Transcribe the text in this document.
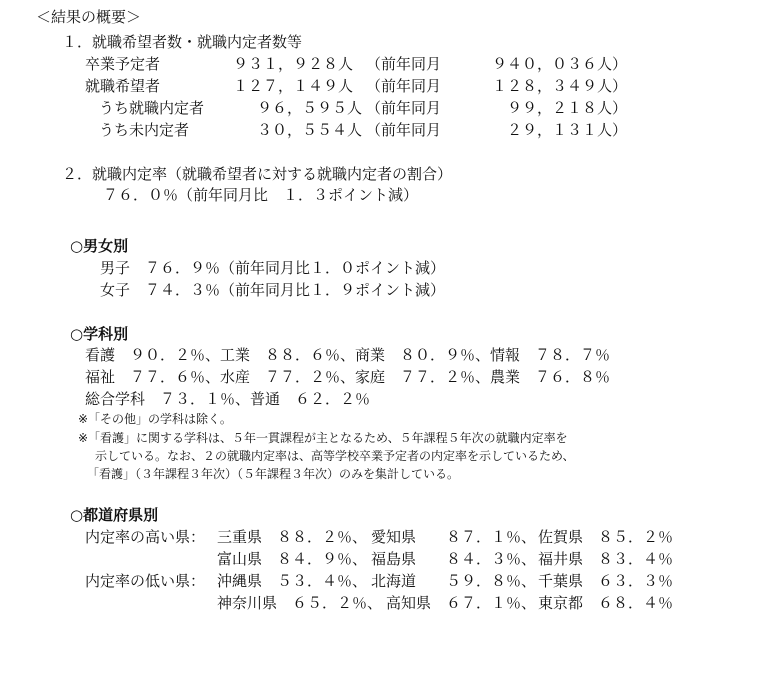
＜結果の概要＞
１．就職希望者数・就職内定者数等
卒業予定者	９３１，９２８人 （前年同月	９４０，０３６人）
就職希望者	１２７，１４９人 （前年同月	１２８，３４９人）
うち就職内定者	９６，５９５人 （前年同月	９９，２１８人）
うち未内定者	３０，５５４人 （前年同月	２９，１３１人）
２．就職内定率（就職希望者に対する就職内定者の割合）
７６．０％（前年同月比　１．３ポイント減）
○男女別
男子　７６．９％（前年同月比１．０ポイント減）
女子　７４．３％（前年同月比１．９ポイント減）
○学科別
看護　９０．２％、工業　８８．６％、商業　８０．９％、情報　７８．７％
福祉　７７．６％、水産　７７．２％、家庭　７７．２％、農業　７６．８％
総合学科　７３．１％、普通　６２．２％
※「その他」の学科は除く。
※「看護」に関する学科は、５年一貫課程が主となるため、５年課程５年次の就職内定率を
示している。なお、２の就職内定率は、高等学校卒業予定者の内定率を示しているため、
「看護」（３年課程３年次）（５年課程３年次）のみを集計している。
○都道府県別
内定率の高い県： 三重県　８８．２％、 愛知県　　８７．１％、 佐賀県　８５．２％
富山県　８４．９％、 福島県　　８４．３％、 福井県　８３．４％
内定率の低い県： 沖縄県　５３．４％、 北海道　　５９．８％、 千葉県　６３．３％
神奈川県　６５．２％、 高知県　６７．１％、 東京都　６８．４％
